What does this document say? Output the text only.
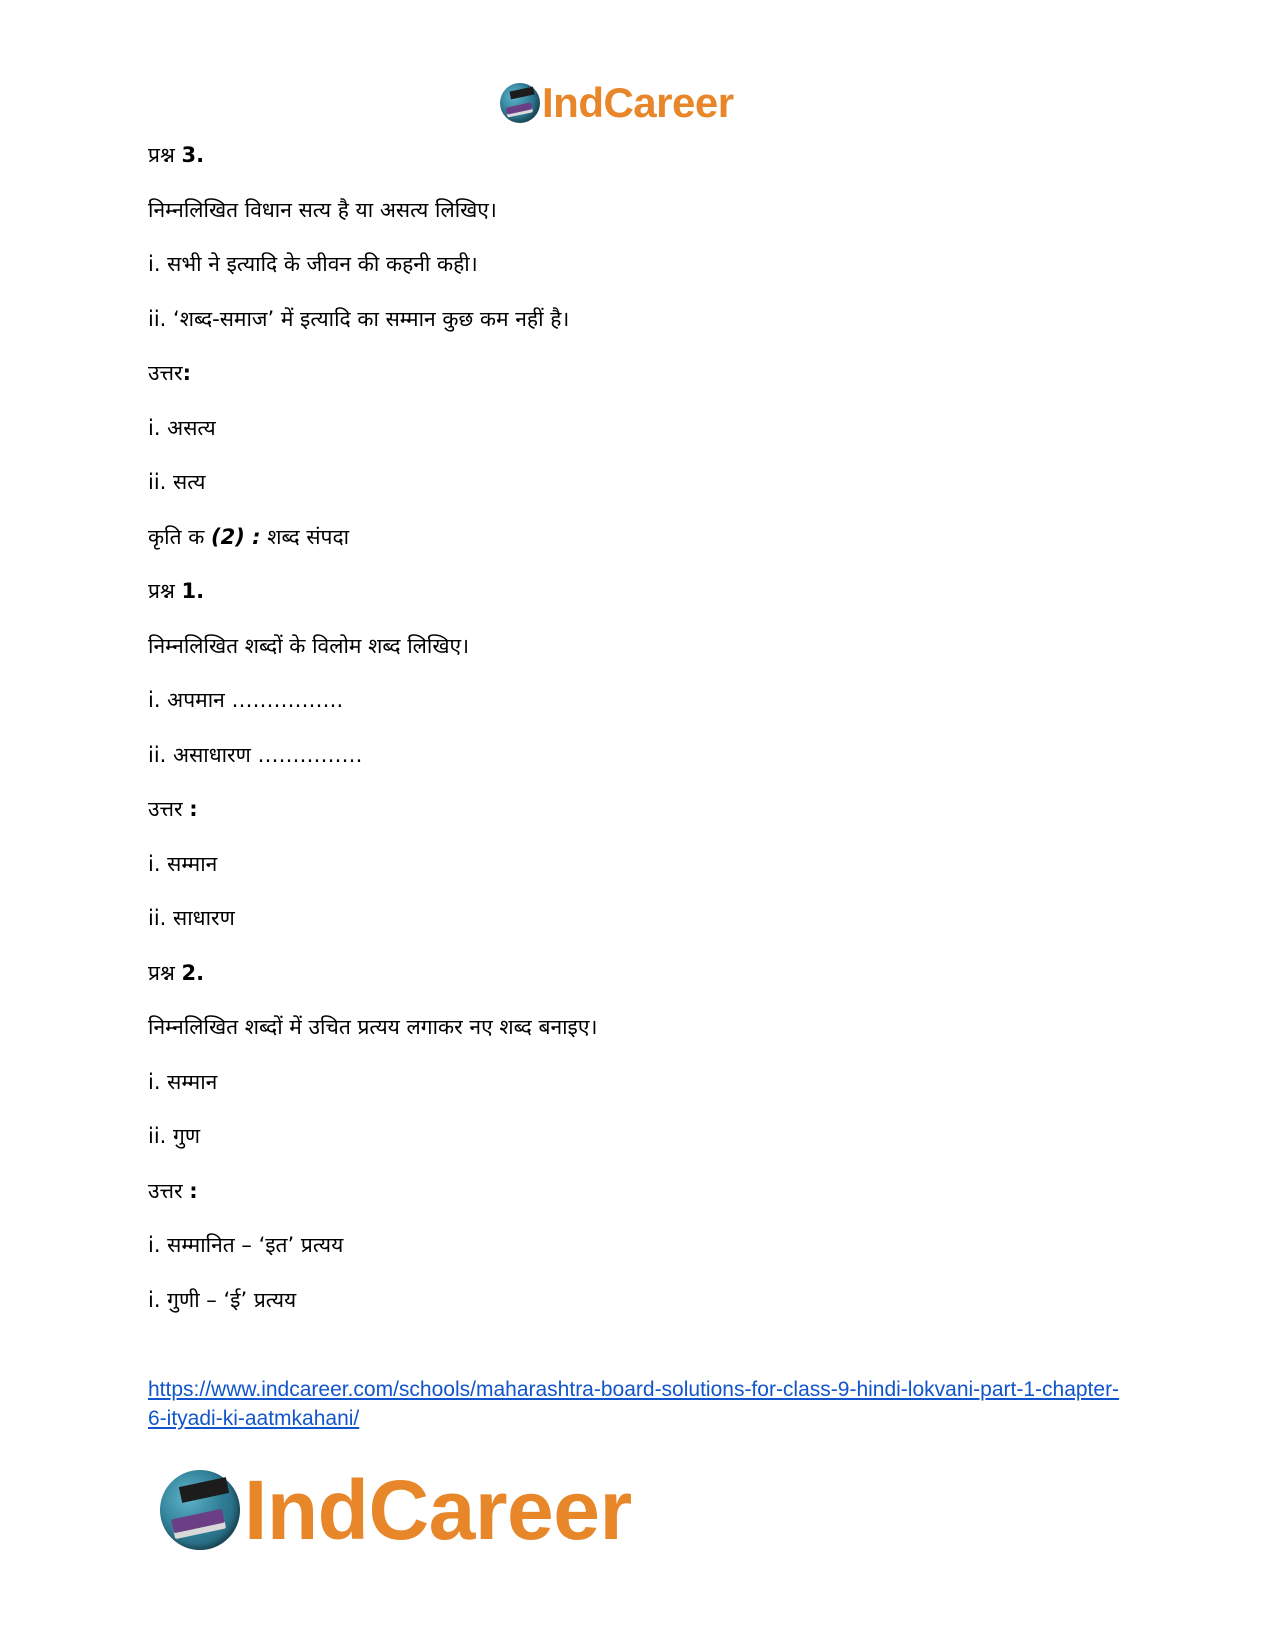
IndCareer
प्रश्न 3.
निम्नलिखित विधान सत्य है या असत्य लिखिए।
i. सभी ने इत्यादि के जीवन की कहनी कही।
ii. ‘शब्द-समाज’ में इत्यादि का सम्मान कुछ कम नहीं है।
उत्तर:
i. असत्य
ii. सत्य
कृति क (2) : शब्द संपदा
प्रश्न 1.
निम्नलिखित शब्दों के विलोम शब्द लिखिए।
i. अपमान …………….
ii. असाधारण ……………
उत्तर :
i. सम्मान
ii. साधारण
प्रश्न 2.
निम्नलिखित शब्दों में उचित प्रत्यय लगाकर नए शब्द बनाइए।
i. सम्मान
ii. गुण
उत्तर :
i. सम्मानित – ‘इत’ प्रत्यय
i. गुणी – ‘ई’ प्रत्यय
https://www.indcareer.com/schools/maharashtra-board-solutions-for-class-9-hindi-lokvani-part-1-chapter-6-ityadi-ki-aatmkahani/
IndCareer
